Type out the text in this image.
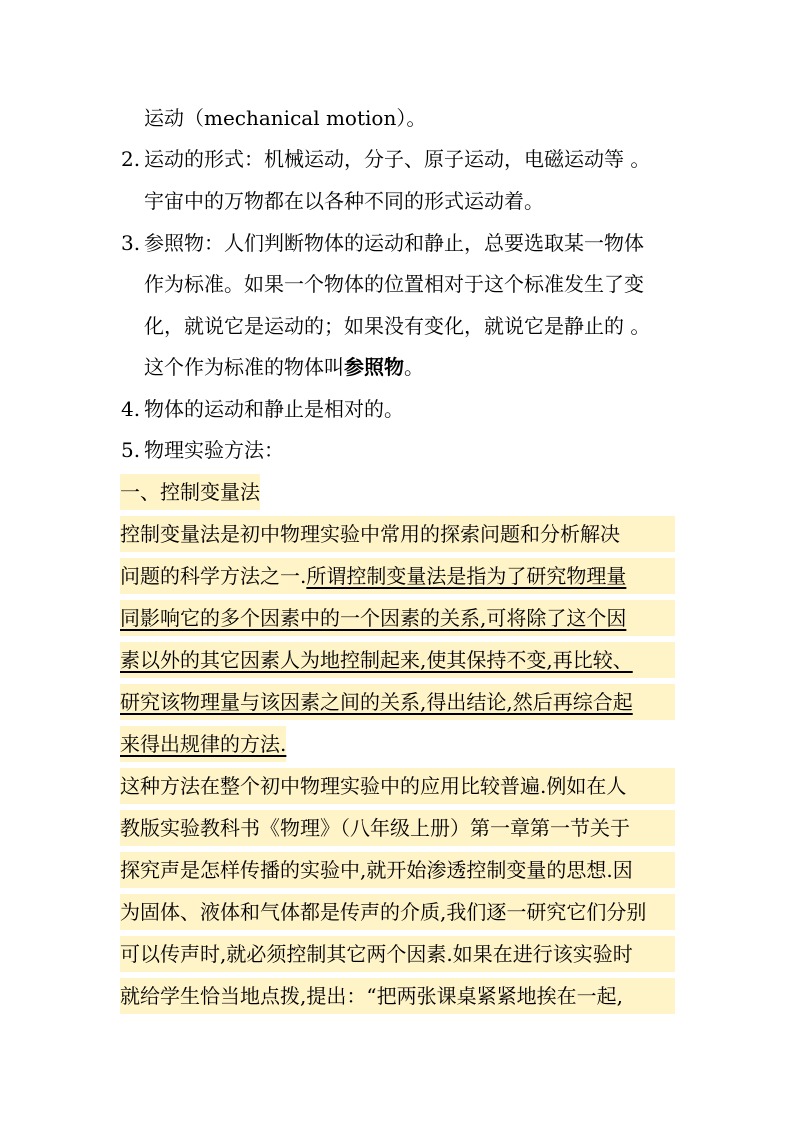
运动（mechanical motion）。
2. 运动的形式：机械运动，分子、原子运动，电磁运动等 。
宇宙中的万物都在以各种不同的形式运动着。
3. 参照物：人们判断物体的运动和静止，总要选取某一物体
作为标准。如果一个物体的位置相对于这个标准发生了变
化，就说它是运动的；如果没有变化，就说它是静止的 。
这个作为标准的物体叫参照物。
4. 物体的运动和静止是相对的。
5. 物理实验方法：
一、控制变量法
控制变量法是初中物理实验中常用的探索问题和分析解决
问题的科学方法之一.所谓控制变量法是指为了研究物理量
同影响它的多个因素中的一个因素的关系,可将除了这个因
素以外的其它因素人为地控制起来,使其保持不变,再比较、
研究该物理量与该因素之间的关系,得出结论,然后再综合起
来得出规律的方法.
这种方法在整个初中物理实验中的应用比较普遍.例如在人
教版实验教科书《物理》（八年级上册）第一章第一节关于
探究声是怎样传播的实验中,就开始渗透控制变量的思想.因
为固体、液体和气体都是传声的介质,我们逐一研究它们分别
可以传声时,就必须控制其它两个因素.如果在进行该实验时
就给学生恰当地点拨,提出：“把两张课桌紧紧地挨在一起,
